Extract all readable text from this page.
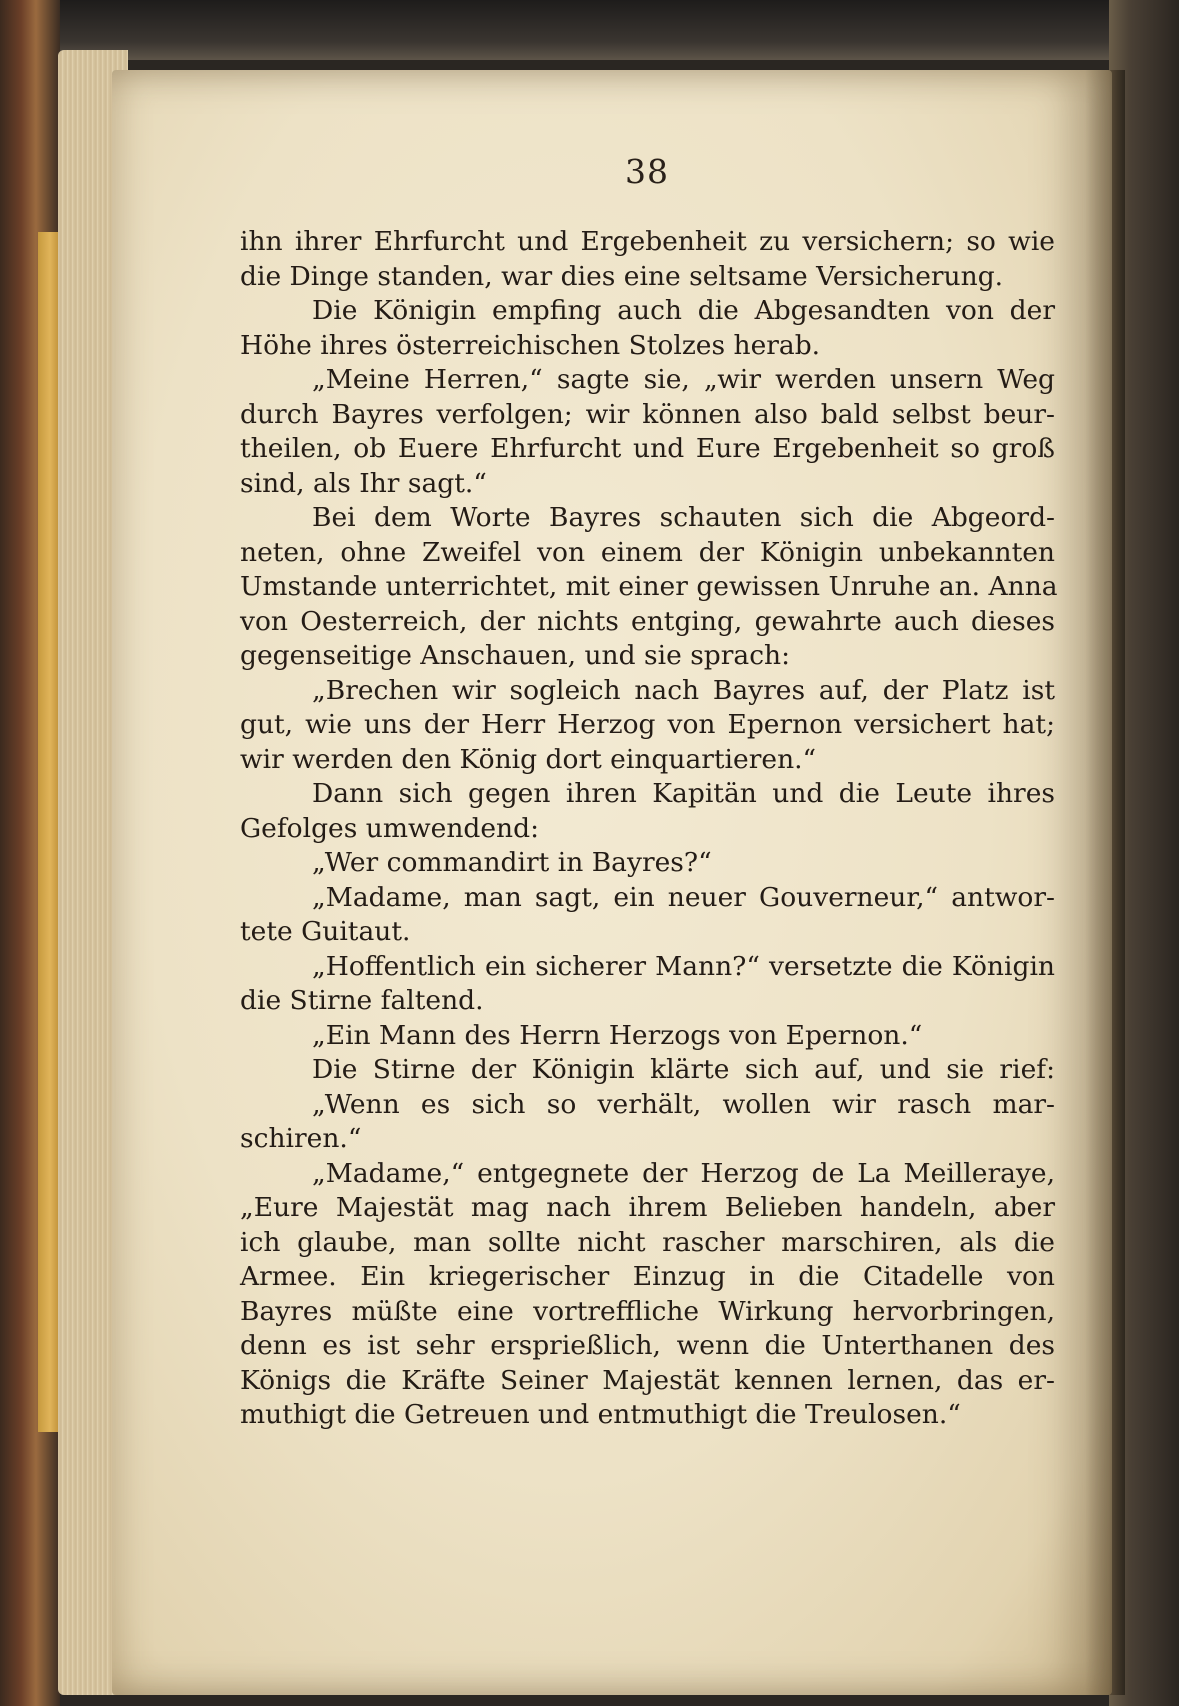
38
ihn ihrer Ehrfurcht und Ergebenheit zu versichern; so wie
die Dinge standen, war dies eine seltsame Versicherung.
Die Königin empfing auch die Abgesandten von der
Höhe ihres österreichischen Stolzes herab.
„Meine Herren,“ sagte sie, „wir werden unsern Weg
durch Bayres verfolgen; wir können also bald selbst beur-
theilen, ob Euere Ehrfurcht und Eure Ergebenheit so groß
sind, als Ihr sagt.“
Bei dem Worte Bayres schauten sich die Abgeord-
neten, ohne Zweifel von einem der Königin unbekannten
Umstande unterrichtet, mit einer gewissen Unruhe an. Anna
von Oesterreich, der nichts entging, gewahrte auch dieses
gegenseitige Anschauen, und sie sprach:
„Brechen wir sogleich nach Bayres auf, der Platz ist
gut, wie uns der Herr Herzog von Epernon versichert hat;
wir werden den König dort einquartieren.“
Dann sich gegen ihren Kapitän und die Leute ihres
Gefolges umwendend:
„Wer commandirt in Bayres?“
„Madame, man sagt, ein neuer Gouverneur,“ antwor-
tete Guitaut.
„Hoffentlich ein sicherer Mann?“ versetzte die Königin
die Stirne faltend.
„Ein Mann des Herrn Herzogs von Epernon.“
Die Stirne der Königin klärte sich auf, und sie rief:
„Wenn es sich so verhält, wollen wir rasch mar-
schiren.“
„Madame,“ entgegnete der Herzog de La Meilleraye,
„Eure Majestät mag nach ihrem Belieben handeln, aber
ich glaube, man sollte nicht rascher marschiren, als die
Armee. Ein kriegerischer Einzug in die Citadelle von
Bayres müßte eine vortreffliche Wirkung hervorbringen,
denn es ist sehr ersprießlich, wenn die Unterthanen des
Königs die Kräfte Seiner Majestät kennen lernen, das er-
muthigt die Getreuen und entmuthigt die Treulosen.“
